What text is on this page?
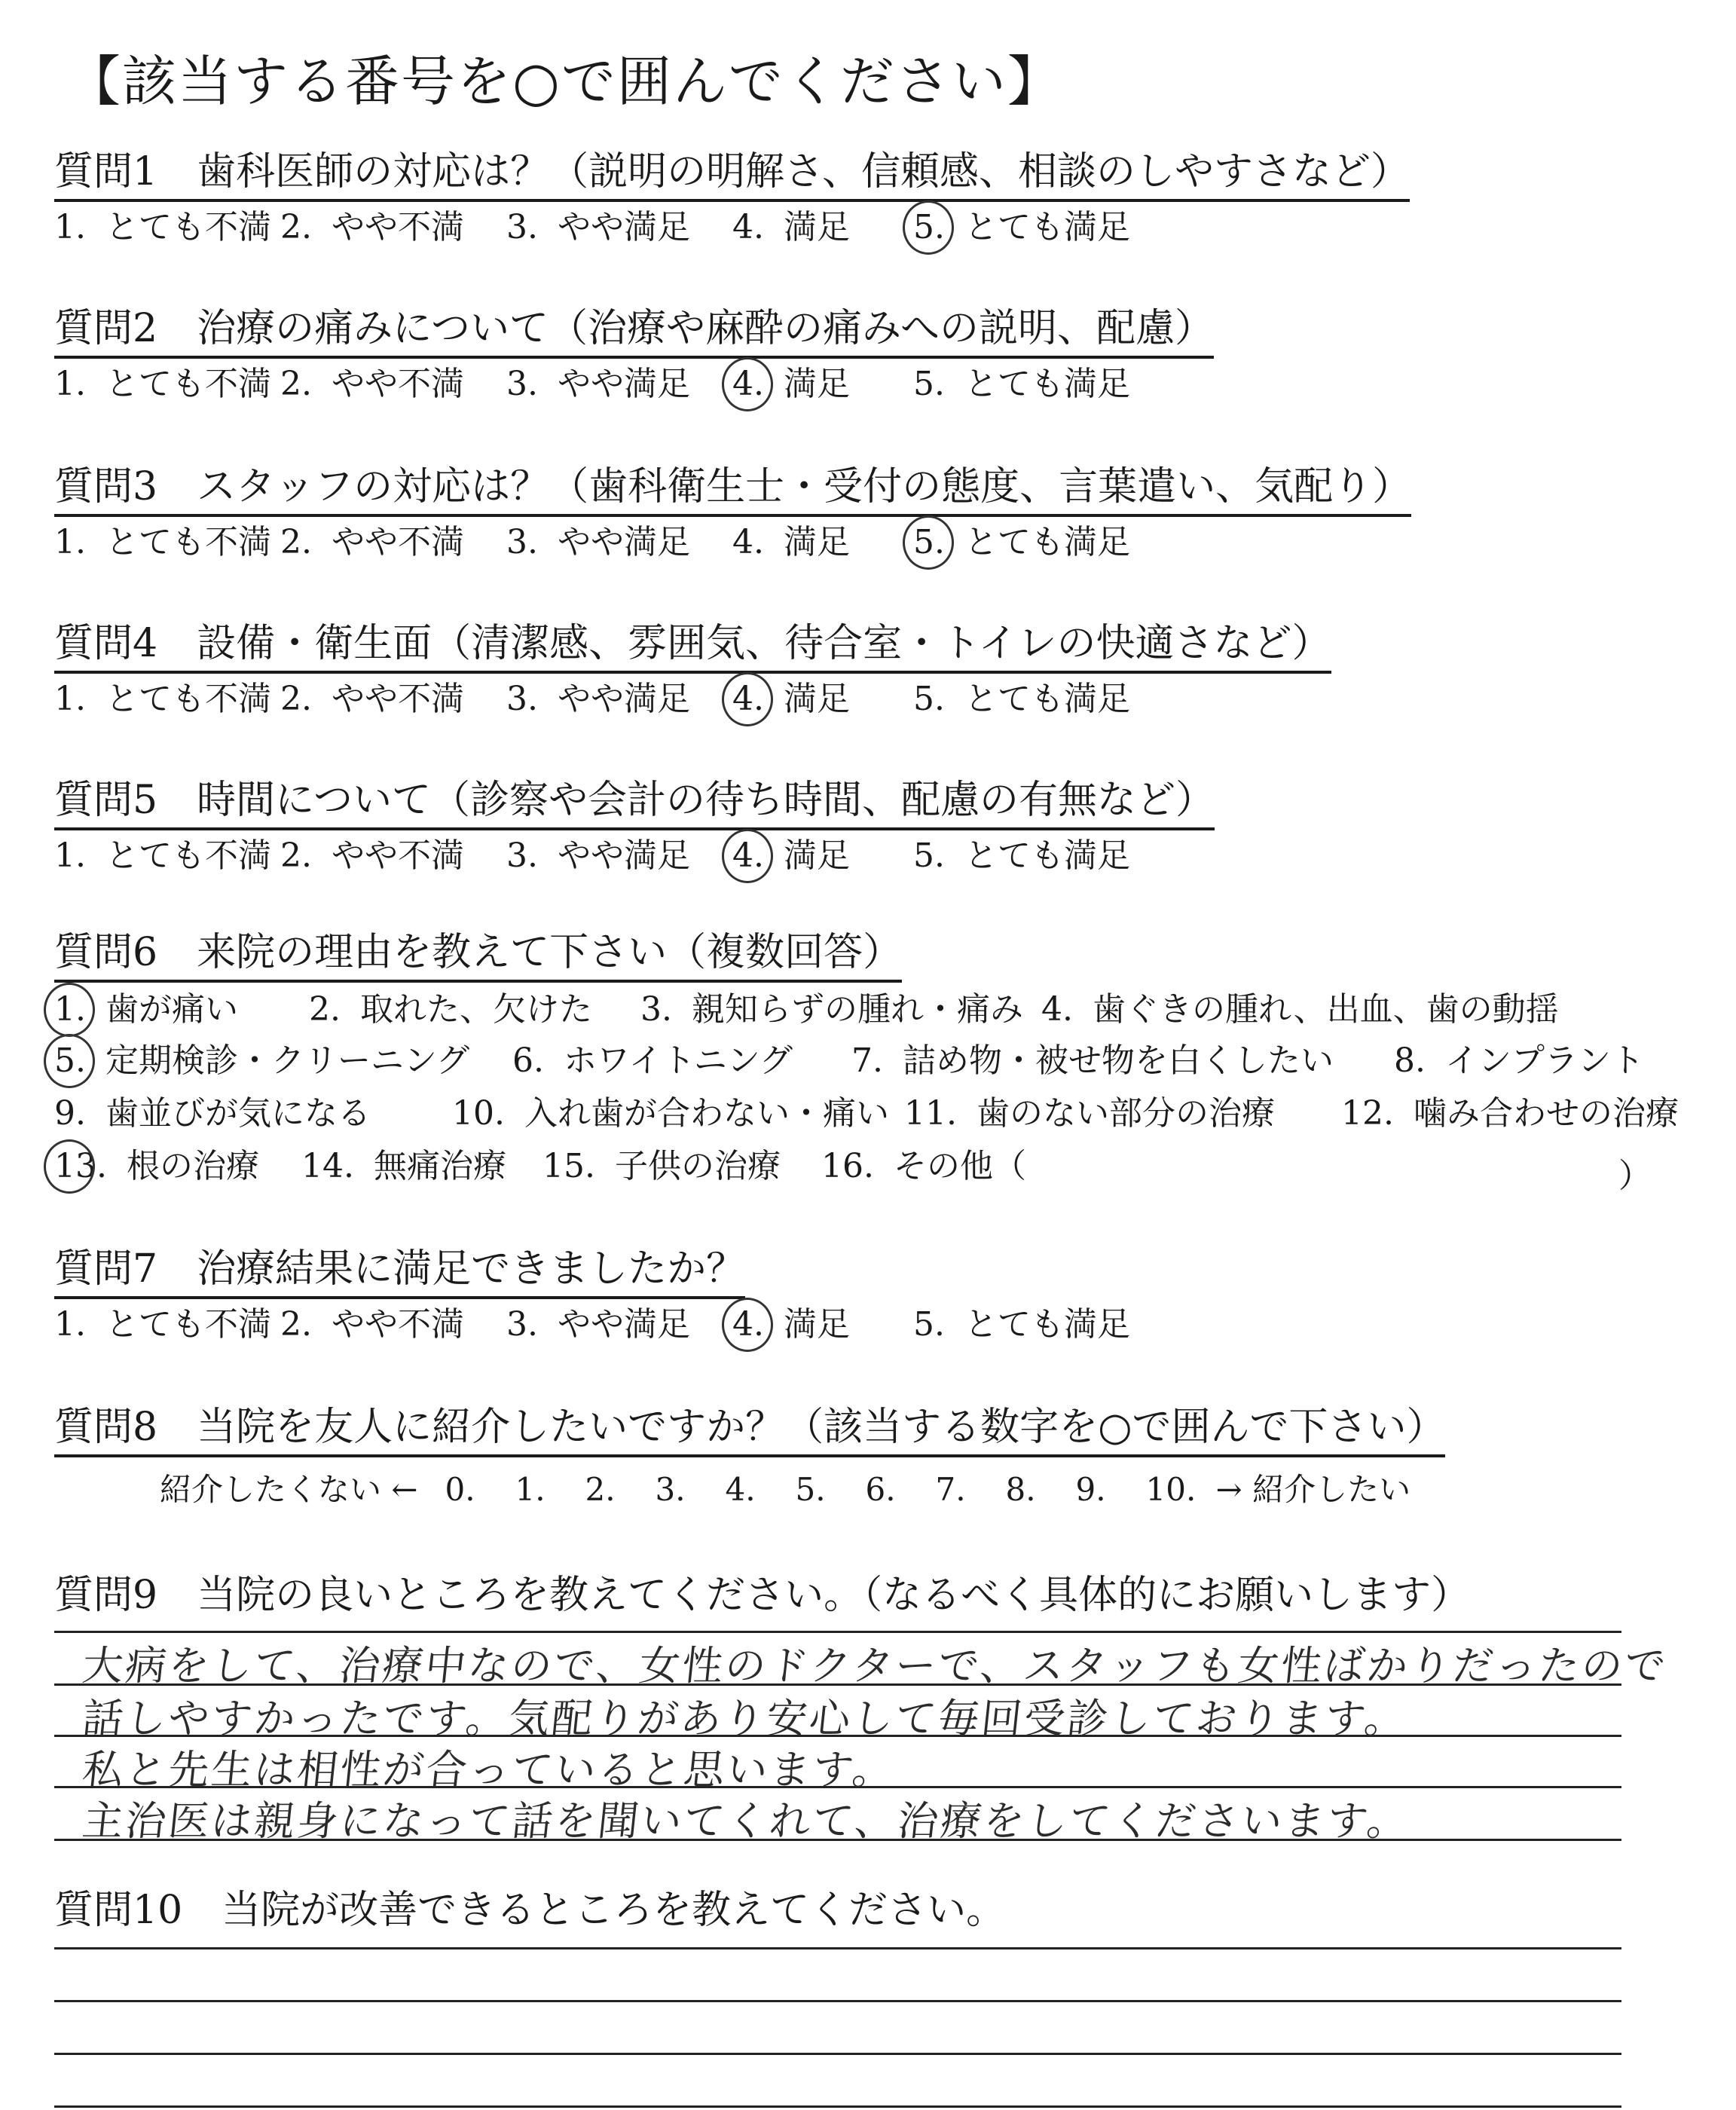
【該当する番号を○で囲んでください】
質問1 歯科医師の対応は？（説明の明解さ、信頼感、相談のしやすさなど）
1. とても不満 2. やや不満 3. やや満足 4. 満足 5. とても満足
質問2 治療の痛みについて（治療や麻酔の痛みへの説明、配慮）
1. とても不満 2. やや不満 3. やや満足 4. 満足 5. とても満足
質問3 スタッフの対応は？（歯科衛生士・受付の態度、言葉遣い、気配り）
1. とても不満 2. やや不満 3. やや満足 4. 満足 5. とても満足
質問4 設備・衛生面（清潔感、雰囲気、待合室・トイレの快適さなど）
1. とても不満 2. やや不満 3. やや満足 4. 満足 5. とても満足
質問5 時間について（診察や会計の待ち時間、配慮の有無など）
1. とても不満 2. やや不満 3. やや満足 4. 満足 5. とても満足
質問6 来院の理由を教えて下さい（複数回答）
1. 歯が痛い 2. 取れた、欠けた 3. 親知らずの腫れ・痛み 4. 歯ぐきの腫れ、出血、歯の動揺
5. 定期検診・クリーニング 6. ホワイトニング 7. 詰め物・被せ物を白くしたい 8. インプラント
9. 歯並びが気になる 10. 入れ歯が合わない・痛い 11. 歯のない部分の治療 12. 噛み合わせの治療
13. 根の治療 14. 無痛治療 15. 子供の治療 16. その他（	）
質問7 治療結果に満足できましたか？
1. とても不満 2. やや不満 3. やや満足 4. 満足 5. とても満足
質問8 当院を友人に紹介したいですか？（該当する数字を○で囲んで下さい）
紹介したくない ← 0. 1. 2. 3. 4. 5. 6. 7. 8. 9. 10. → 紹介したい
質問9 当院の良いところを教えてください。（なるべく具体的にお願いします）
大病をして、治療中なので、女性のドクターで、スタッフも女性ばかりだったので
話しやすかったです。気配りがあり安心して毎回受診しております。
私と先生は相性が合っていると思います。
主治医は親身になって話を聞いてくれて、治療をしてくださいます。
質問10 当院が改善できるところを教えてください。
